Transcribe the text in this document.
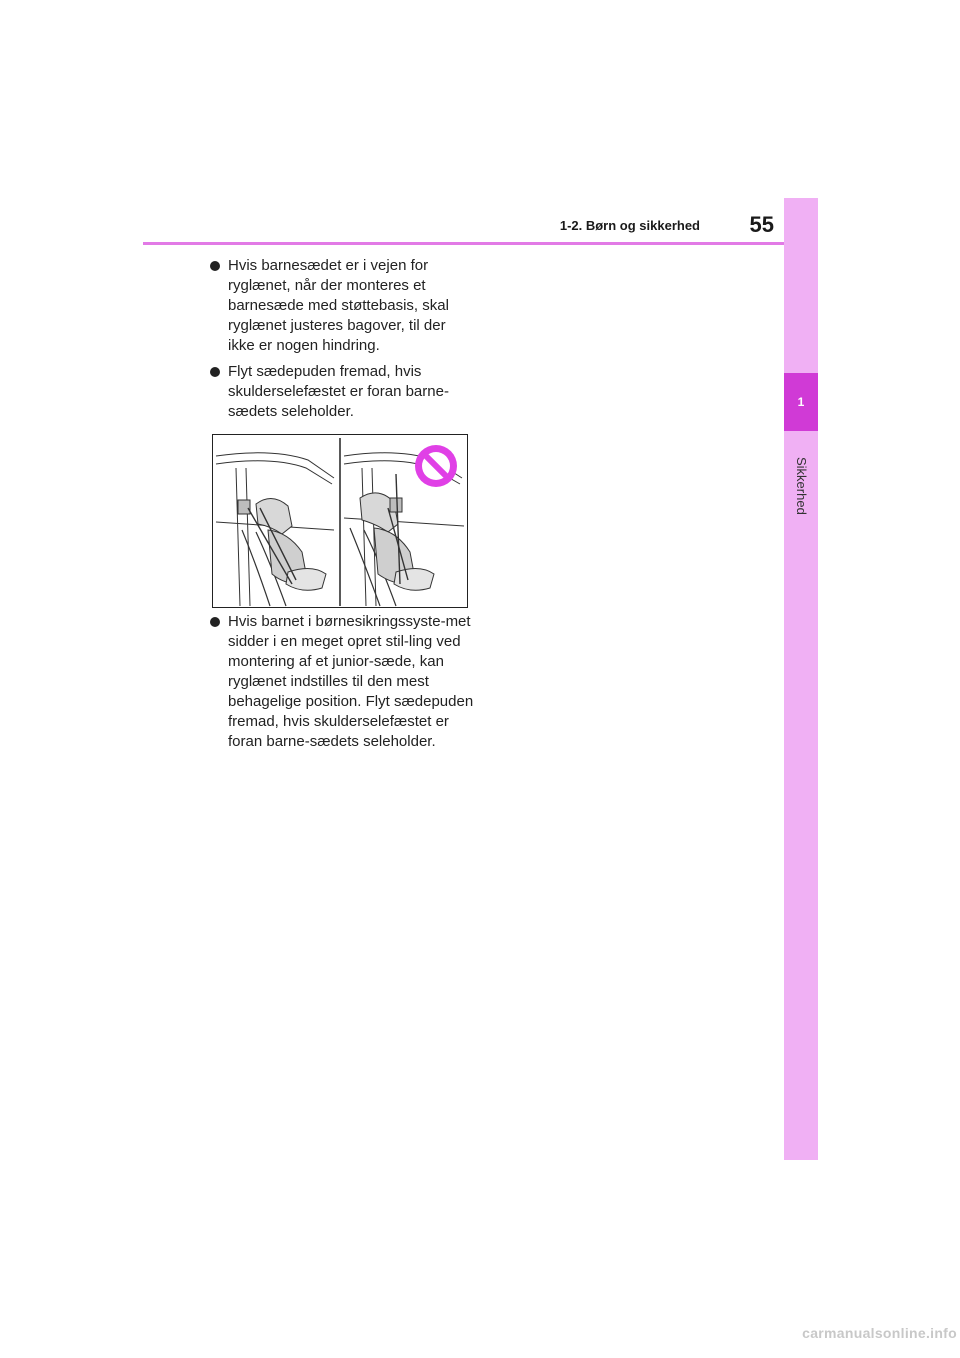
1
Sikkerhed
1-2. Børn og sikkerhed	55
Hvis barnesædet er i vejen for ryglænet, når der monteres et barnesæde med støttebasis, skal ryglænet justeres bagover, til der ikke er nogen hindring.
Flyt sædepuden fremad, hvis skulderselefæstet er foran barne-sædets seleholder.
Hvis barnet i børnesikringssyste-met sidder i en meget opret stil-ling ved montering af et junior-sæde, kan ryglænet indstilles til den mest behagelige position. Flyt sædepuden fremad, hvis skulderselefæstet er foran barne-sædets seleholder.
carmanualsonline.info
